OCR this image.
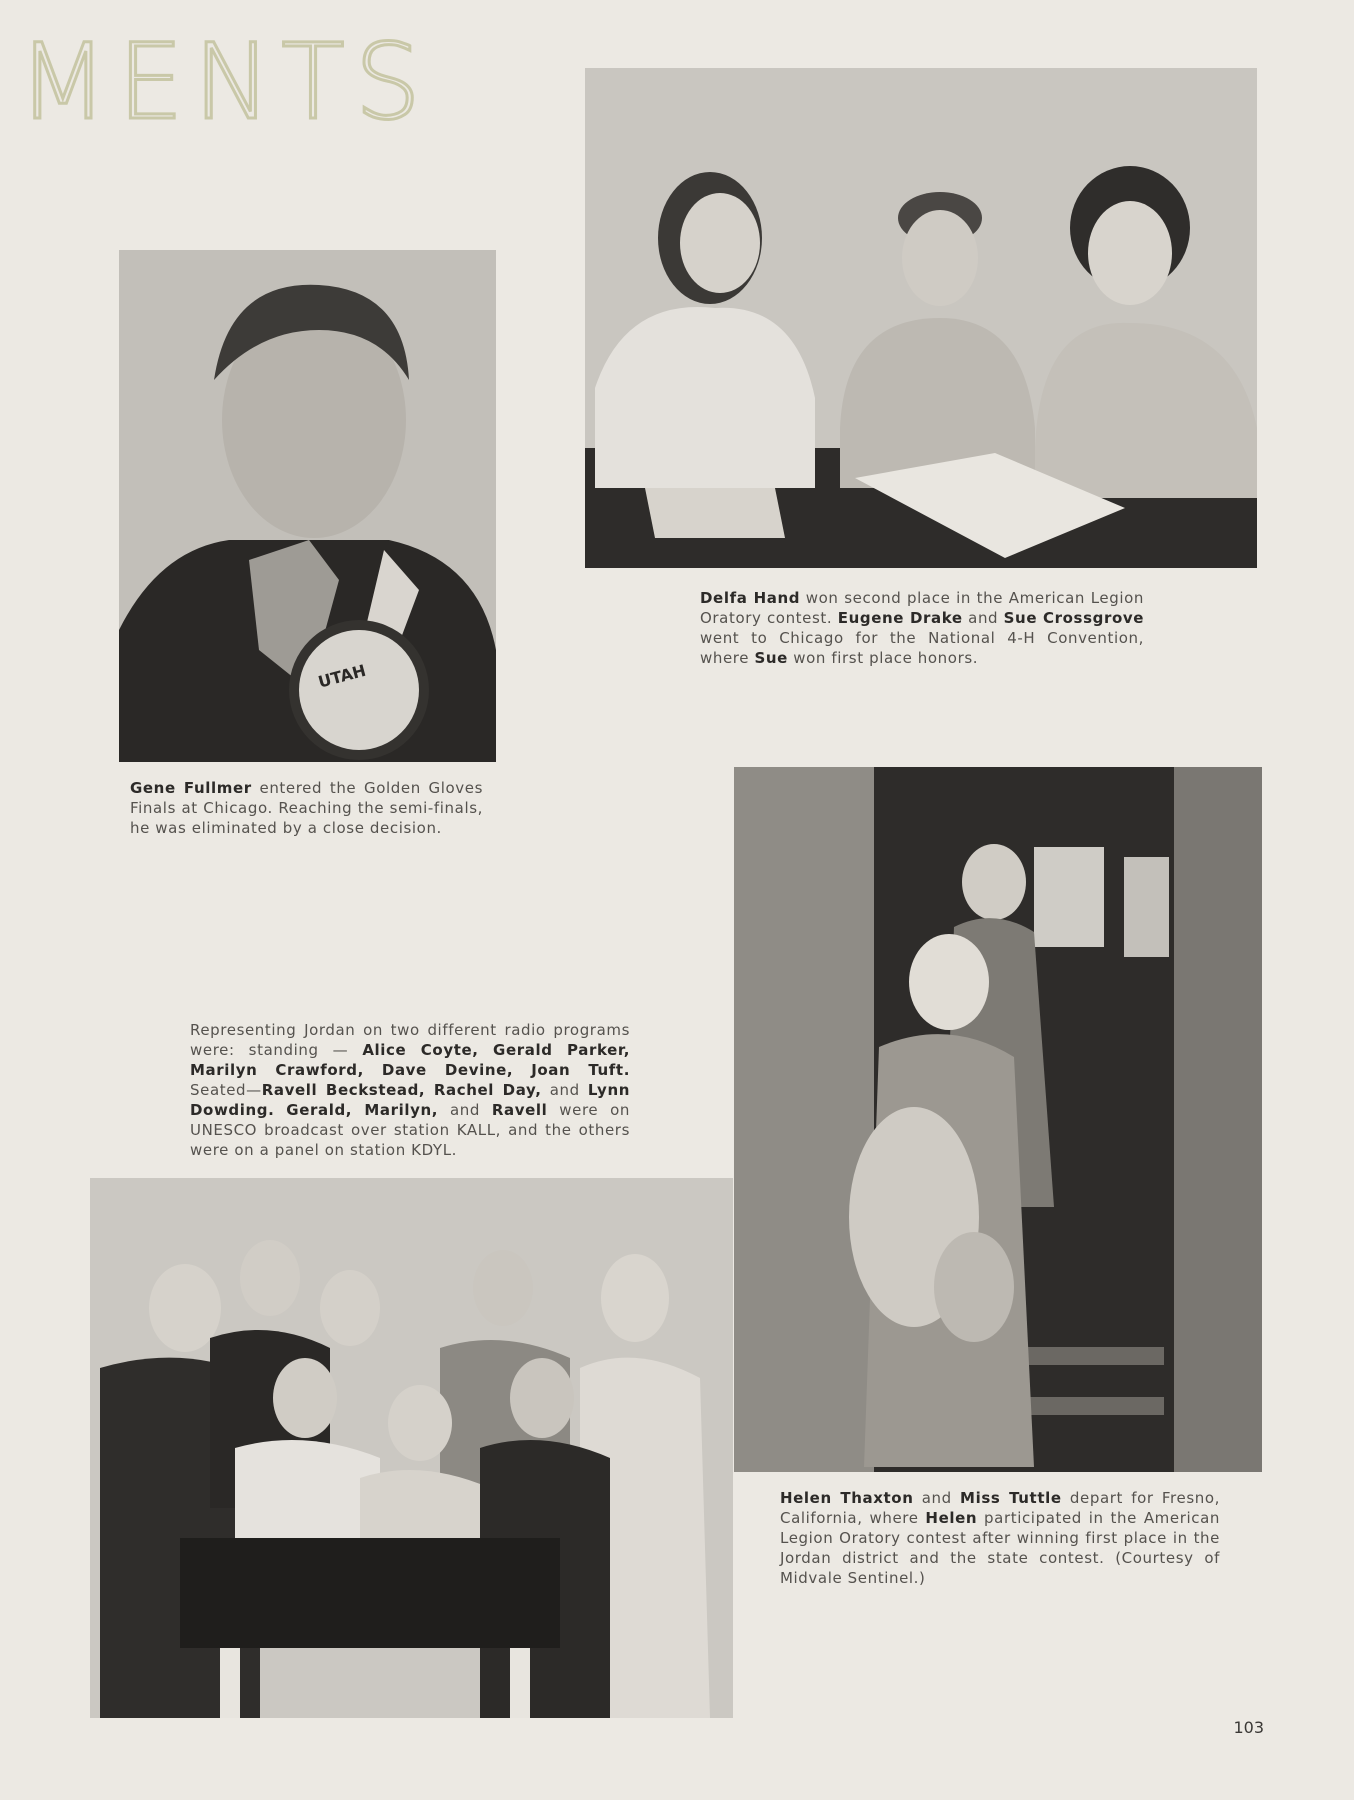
MENTS
UTAH
Delfa Hand won second place in the American Legion Oratory contest. Eugene Drake and Sue Crossgrove went to Chicago for the National 4-H Convention, where Sue won first place honors.
Gene Fullmer entered the Golden Gloves Finals at Chicago. Reaching the semi-finals, he was eliminated by a close decision.
Representing Jordan on two different radio programs were: standing — Alice Coyte, Gerald Parker, Marilyn Crawford, Dave Devine, Joan Tuft. Seated—Ravell Beckstead, Rachel Day, and Lynn Dowding. Gerald, Marilyn, and Ravell were on UNESCO broadcast over station KALL, and the others were on a panel on station KDYL.
Helen Thaxton and Miss Tuttle depart for Fresno, California, where Helen participated in the American Legion Oratory contest after winning first place in the Jordan district and the state contest. (Courtesy of Midvale Sentinel.)
103
